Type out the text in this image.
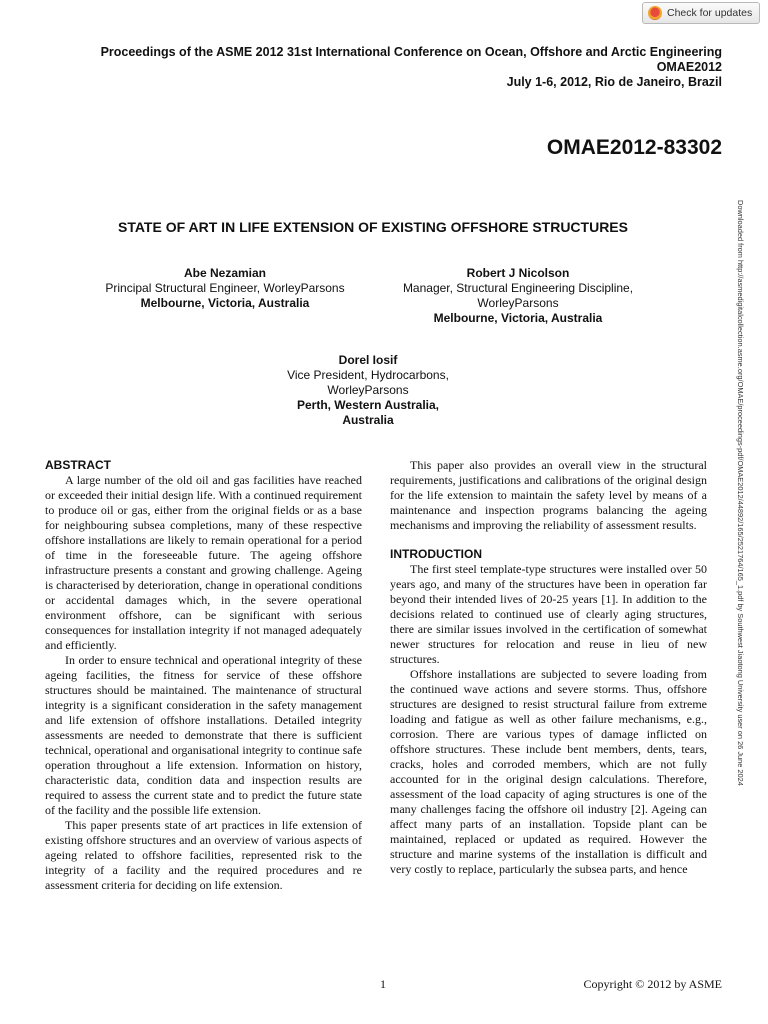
Check for updates
Proceedings of the ASME 2012 31st International Conference on Ocean, Offshore and Arctic Engineering
OMAE2012
July 1-6, 2012, Rio de Janeiro, Brazil
OMAE2012-83302
STATE OF ART IN LIFE EXTENSION OF EXISTING OFFSHORE STRUCTURES
Abe Nezamian
Principal Structural Engineer, WorleyParsons
Melbourne, Victoria, Australia
Robert J Nicolson
Manager, Structural Engineering Discipline,
WorleyParsons
Melbourne, Victoria, Australia
Dorel Iosif
Vice President, Hydrocarbons,
WorleyParsons
Perth, Western Australia,
Australia
ABSTRACT

A large number of the old oil and gas facilities have reached or exceeded their initial design life. With a continued requirement to produce oil or gas, either from the original fields or as a base for neighbouring subsea completions, many of these respective offshore installations are likely to remain operational for a period of time in the foreseeable future. The ageing offshore infrastructure presents a constant and growing challenge. Ageing is characterised by deterioration, change in operational conditions or accidental damages which, in the severe operational environment offshore, can be significant with serious consequences for installation integrity if not managed adequately and efficiently.

In order to ensure technical and operational integrity of these ageing facilities, the fitness for service of these offshore structures should be maintained. The maintenance of structural integrity is a significant consideration in the safety management and life extension of offshore installations. Detailed integrity assessments are needed to demonstrate that there is sufficient technical, operational and organisational integrity to continue safe operation throughout a life extension. Information on history, characteristic data, condition data and inspection results are required to assess the current state and to predict the future state of the facility and the possible life extension.

This paper presents state of art practices in life extension of existing offshore structures and an overview of various aspects of ageing related to offshore facilities, represented risk to the integrity of a facility and the required procedures and re assessment criteria for deciding on life extension.

This paper also provides an overall view in the structural requirements, justifications and calibrations of the original design for the life extension to maintain the safety level by means of a maintenance and inspection programs balancing the ageing mechanisms and improving the reliability of assessment results.

INTRODUCTION

The first steel template-type structures were installed over 50 years ago, and many of the structures have been in operation far beyond their intended lives of 20-25 years [1]. In addition to the decisions related to continued use of clearly aging structures, there are similar issues involved in the certification of somewhat newer structures for relocation and reuse in lieu of new structures.

Offshore installations are subjected to severe loading from the continued wave actions and severe storms. Thus, offshore structures are designed to resist structural failure from extreme loading and fatigue as well as other failure mechanisms, e.g., corrosion. There are various types of damage inflicted on offshore structures. These include bent members, dents, tears, cracks, holes and corroded members, which are not fully accounted for in the original design calculations. Therefore, assessment of the load capacity of aging structures is one of the many challenges facing the offshore oil industry [2]. Ageing can affect many parts of an installation. Topside plant can be maintained, replaced or updated as required. However the structure and marine systems of the installation is difficult and very costly to replace, particularly the subsea parts, and hence

Downloaded from http://asmedigitalcollection.asme.org/OMAE/proceedings-pdf/OMAE2012/44892/165/2521764/165_1.pdf by Southwest Jiaotong University user on 26 June 2024
1	Copyright © 2012 by ASME
